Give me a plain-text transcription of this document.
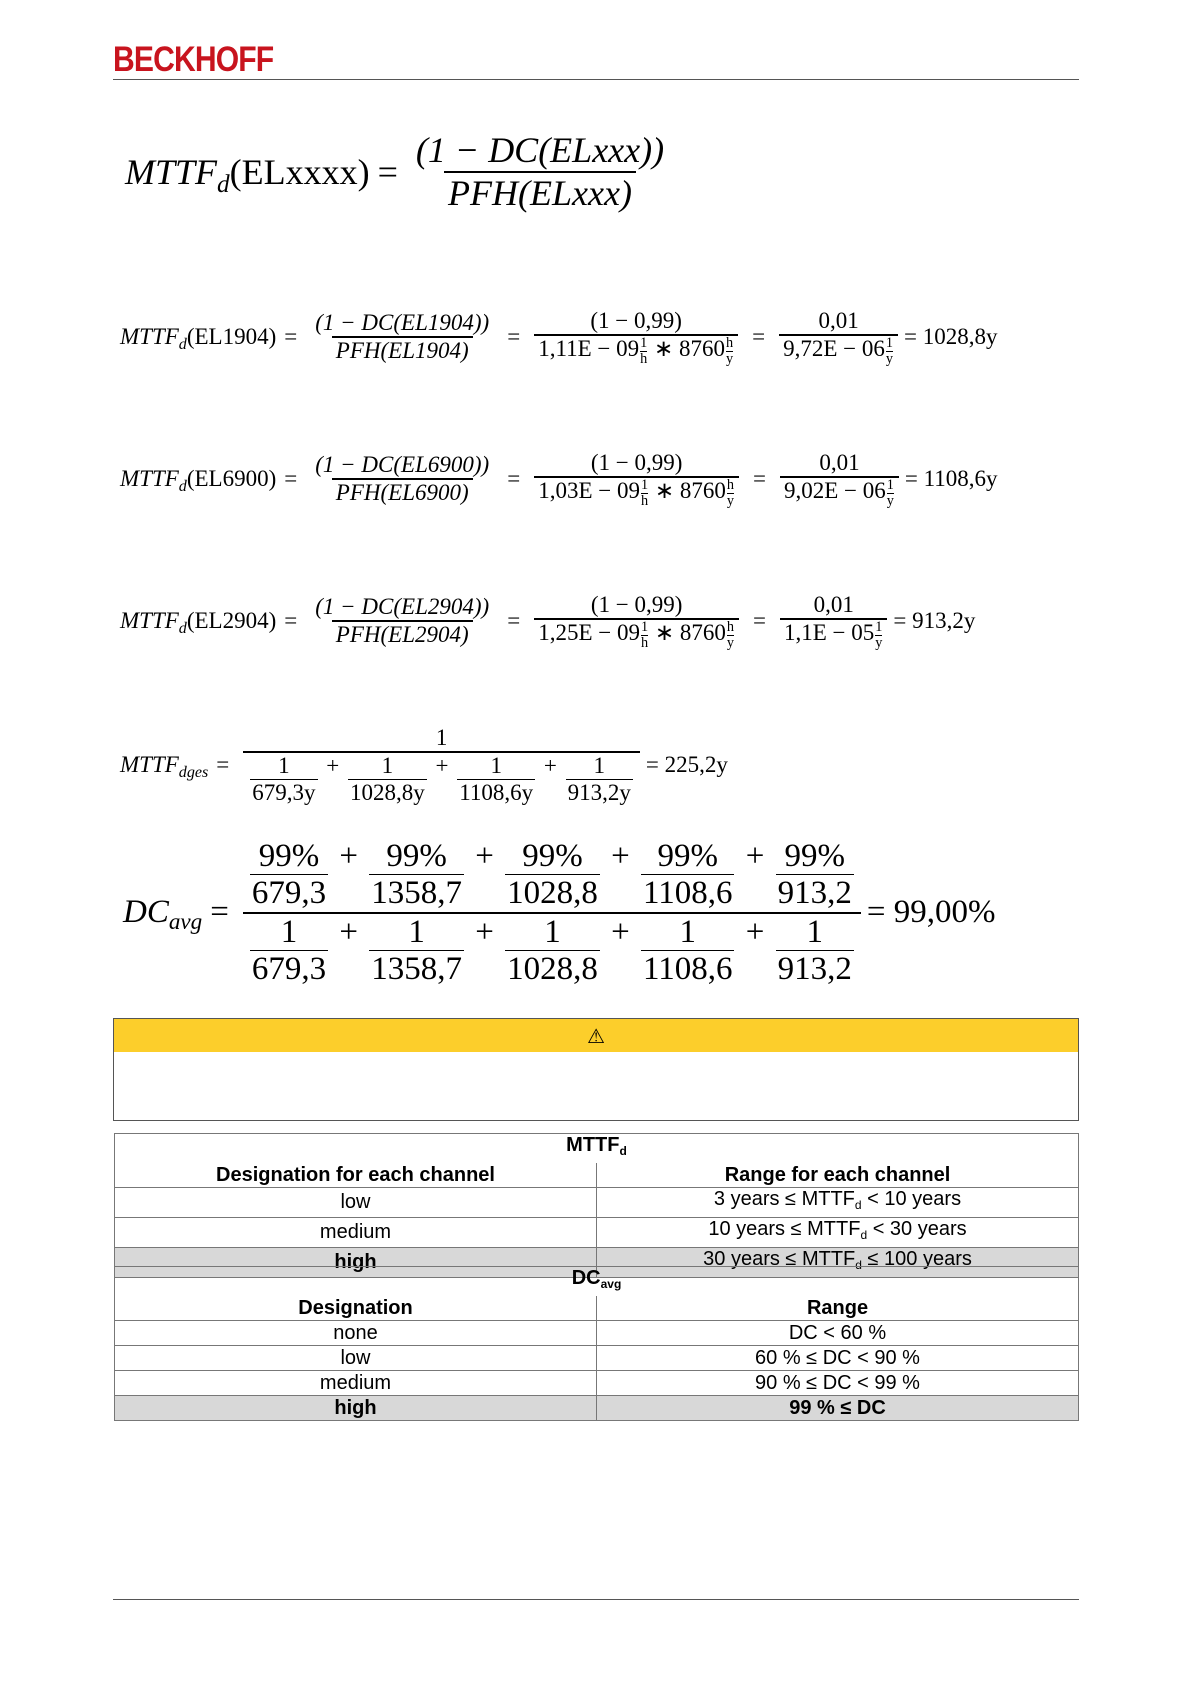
BECKHOFF
MTTF d (ELxxxx) = $\frac{\text{(1 − DC(ELxxx))}}{\text{PFH(ELxxx)}}$
MTTF d $(EL1904) = \frac{(1 - DC(EL1904))}{\text{PFH(EL1904)}} = \frac{(1 - 0,99)}{1,11E - 09 \frac{1}{h} ∗ 8760 \frac{h}{y}} = \frac{0,01}{9,72E - 06 \frac{1}{y}} = 1028,8y$
MTTF d $(EL6900) = \frac{(1 - DC(EL6900))}{\text{PFH(EL6900)}} = \frac{(1 - 0,99)}{1,03E - 09 \frac{1}{h} ∗ 8760 \frac{h}{y}} = \frac{0,01}{9,02E - 06 \frac{1}{y}} = 1108,6y$
MTTF d $(EL2904) = \frac{(1 - DC(EL2904))}{\text{PFH(EL2904)}} = \frac{(1 - 0,99)}{1,25E - 09 \frac{1}{h} ∗ 8760 \frac{h}{y}} = \frac{0,01}{1,1E - 05 \frac{1}{y}} = 913,2y$
MTTF dges = $\frac{1}{\frac{1}{679,3y} + \frac{1}{1028,8y} + \frac{1}{1108,6y} + \frac{1}{913,2y}} = 225,2y$
DC avg =
$\frac{99\%}{679,3} + \frac{99\%}{1358,7} + \frac{99\%}{1028,8} + \frac{99\%}{1108,6} + \frac{99\%}{913,2}$
$\frac{1}{679,3} + \frac{1}{1358,7} + \frac{1}{1028,8} + \frac{1}{1108,6} + \frac{1}{913,2}$
= 99,00%
⚠
$MTTF_d$
Designation for each channel	Range for each channel
low	3 years ≤ $MTTF_d < 10$ years
medium	10 years ≤ $MTTF_d < 30$ years
high	30 years ≤ $MTTF_d \le 100$ years
$DC_{avg}$
Designation	Range
none	DC < 60 %
low	60 % ≤ DC < 90 %
medium	90 % ≤ DC < 99 %
high	99 % ≤ DC
